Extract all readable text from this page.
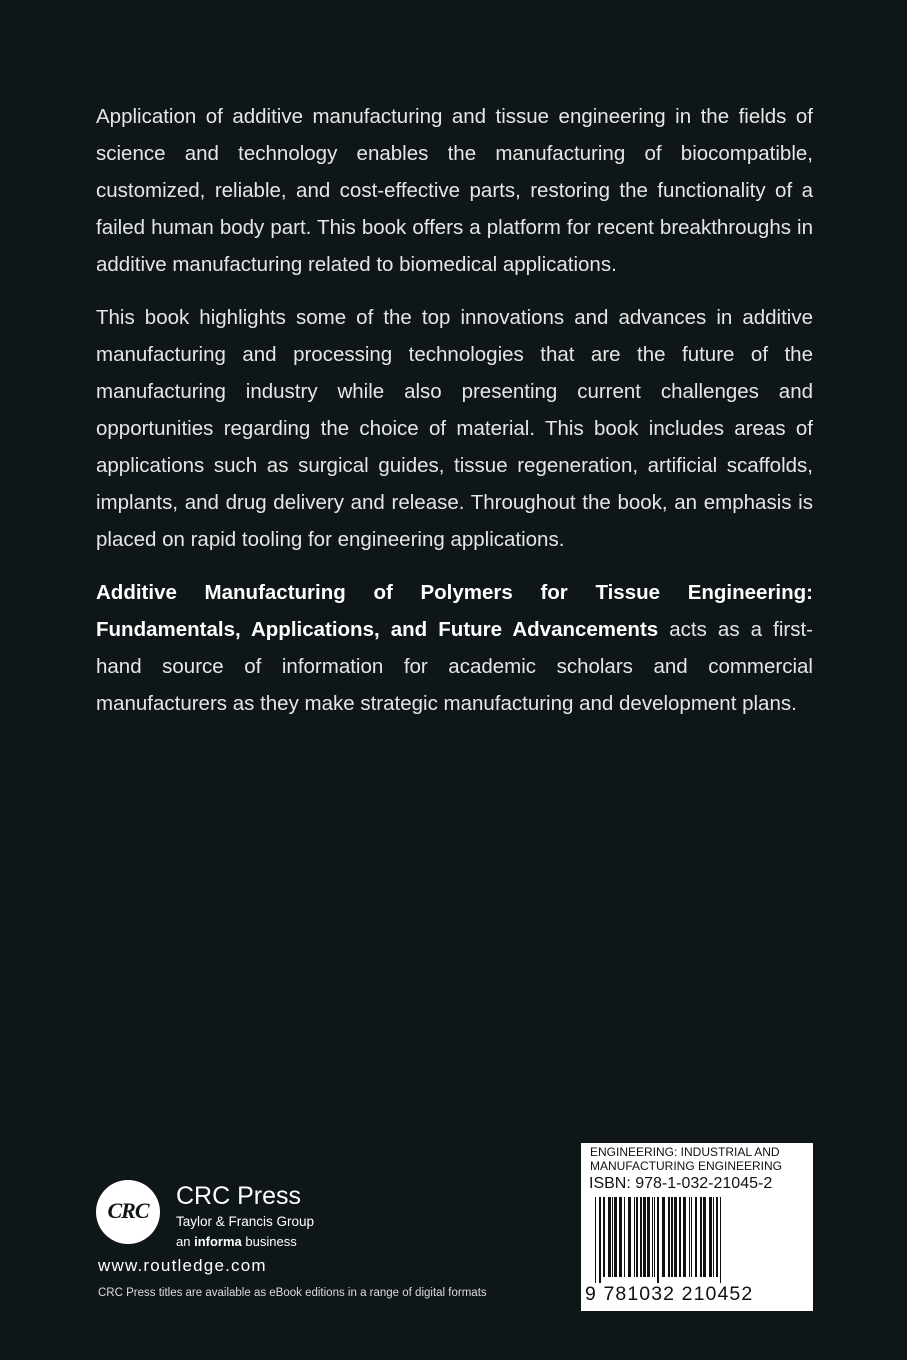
Application of additive manufacturing and tissue engineering in the fields of science and technology enables the manufacturing of biocompatible, customized, reliable, and cost-effective parts, restoring the functionality of a failed human body part. This book offers a platform for recent breakthroughs in additive manufacturing related to biomedical applications.

This book highlights some of the top innovations and advances in additive manufacturing and processing technologies that are the future of the manufacturing industry while also presenting current challenges and opportunities regarding the choice of material. This book includes areas of applications such as surgical guides, tissue regeneration, artificial scaffolds, implants, and drug delivery and release. Throughout the book, an emphasis is placed on rapid tooling for engineering applications.

Additive Manufacturing of Polymers for Tissue Engineering: Fundamentals, Applications, and Future Advancements acts as a first-hand source of information for academic scholars and commercial manufacturers as they make strategic manufacturing and development plans.

CRC
CRC Press
Taylor & Francis Group
an informa business
www.routledge.com
CRC Press titles are available as eBook editions in a range of digital formats
ENGINEERING: INDUSTRIAL AND MANUFACTURING ENGINEERING
ISBN: 978-1-032-21045-2
9 781032 210452
